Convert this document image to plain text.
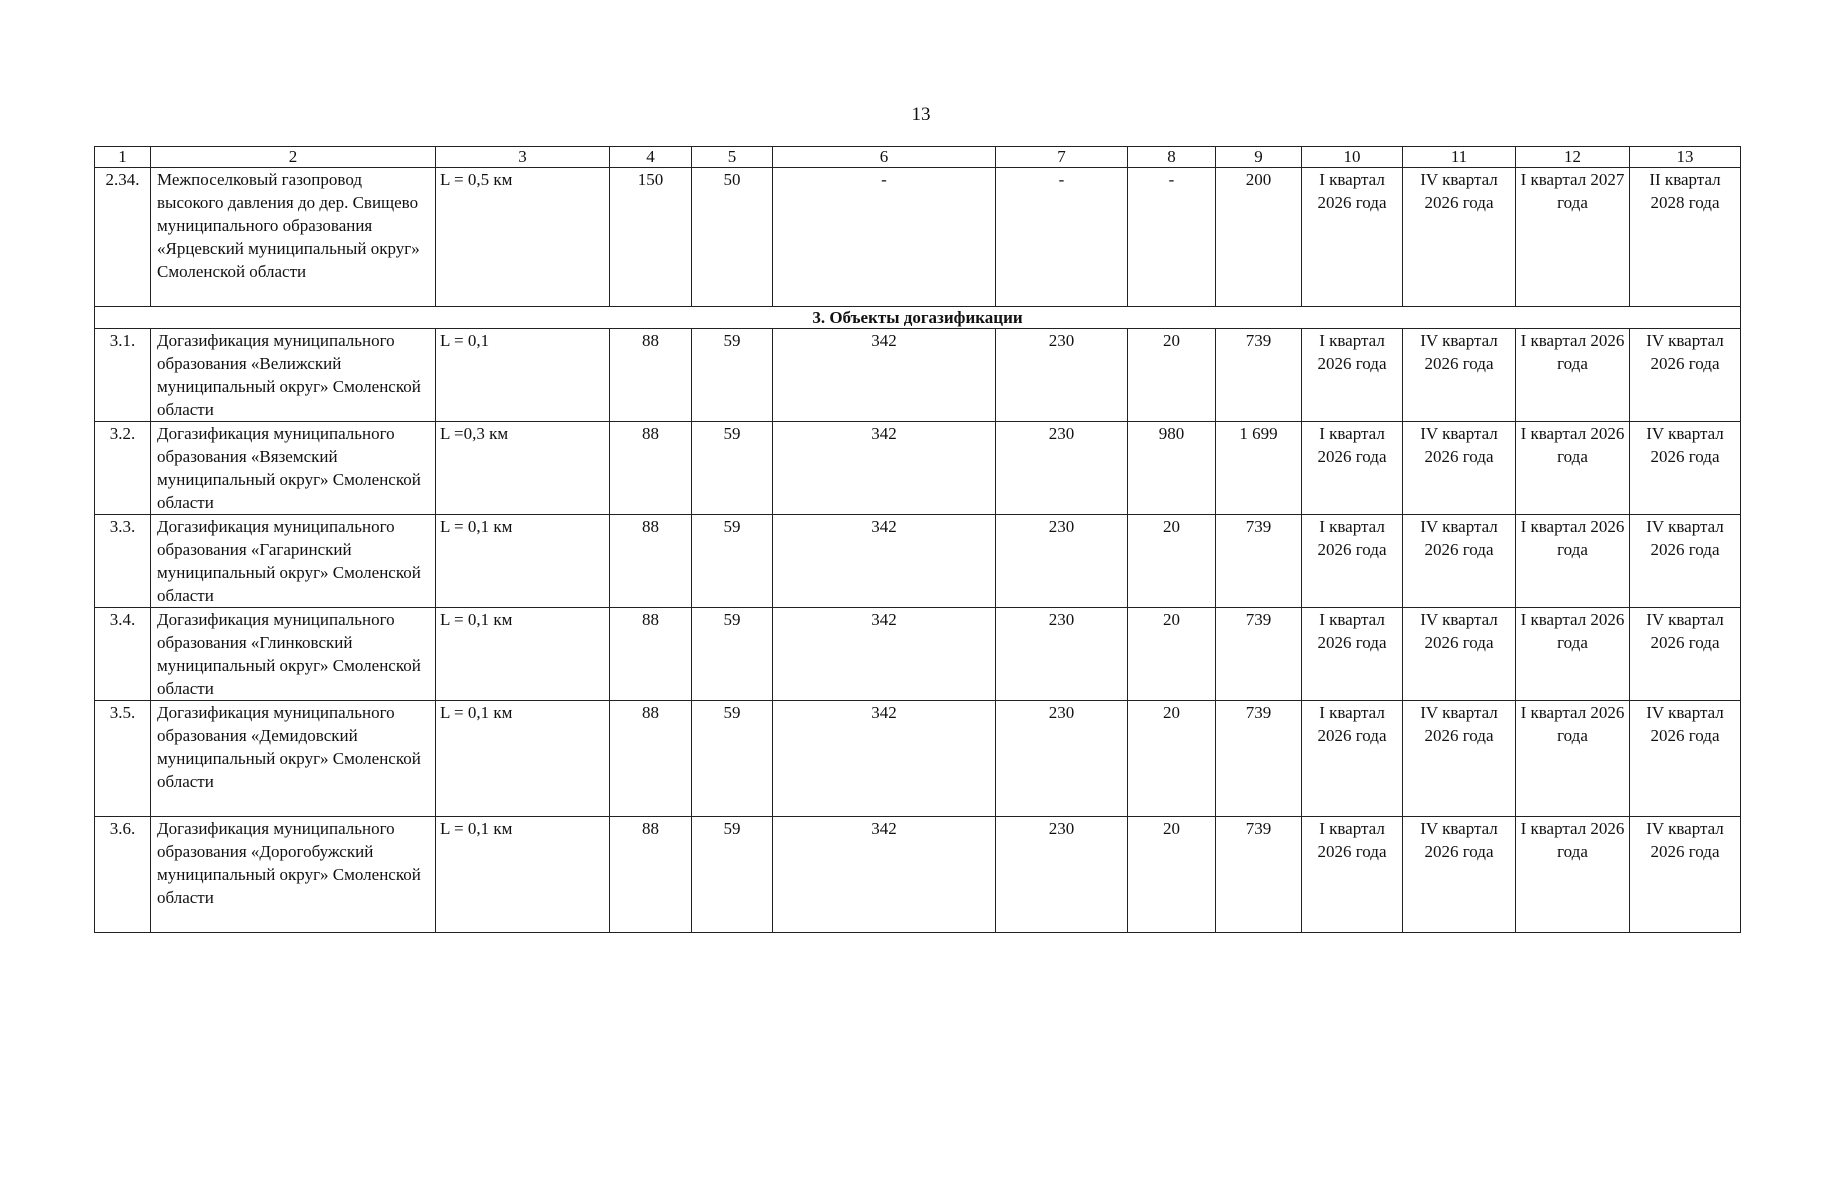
13
1	2	3	4	5	6	7	8	9	10	11	12	13
2.34.	Межпоселковый газопровод высокого давления до дер. Свищево муниципального образования «Ярцевский муниципальный округ» Смоленской области	L = 0,5 км	150	50	-	-	-	200	I квартал 2026 года	IV квартал 2026 года	I квартал 2027 года	II квартал 2028 года
3. Объекты догазификации												
3.1.	Догазификация муниципального образования «Велижский муниципальный округ» Смоленской области	L = 0,1	88	59	342	230	20	739	I квартал 2026 года	IV квартал 2026 года	I квартал 2026 года	IV квартал 2026 года
3.2.	Догазификация муниципального образования «Вяземский муниципальный округ» Смоленской области	L =0,3 км	88	59	342	230	980	1 699	I квартал 2026 года	IV квартал 2026 года	I квартал 2026 года	IV квартал 2026 года
3.3.	Догазификация муниципального образования «Гагаринский муниципальный округ» Смоленской области	L = 0,1 км	88	59	342	230	20	739	I квартал 2026 года	IV квартал 2026 года	I квартал 2026 года	IV квартал 2026 года
3.4.	Догазификация муниципального образования «Глинковский муниципальный округ» Смоленской области	L = 0,1 км	88	59	342	230	20	739	I квартал 2026 года	IV квартал 2026 года	I квартал 2026 года	IV квартал 2026 года
3.5.	Догазификация муниципального образования «Демидовский муниципальный округ» Смоленской области	L = 0,1 км	88	59	342	230	20	739	I квартал 2026 года	IV квартал 2026 года	I квартал 2026 года	IV квартал 2026 года
3.6.	Догазификация муниципального образования «Дорогобужский муниципальный округ» Смоленской области	L = 0,1 км	88	59	342	230	20	739	I квартал 2026 года	IV квартал 2026 года	I квартал 2026 года	IV квартал 2026 года
